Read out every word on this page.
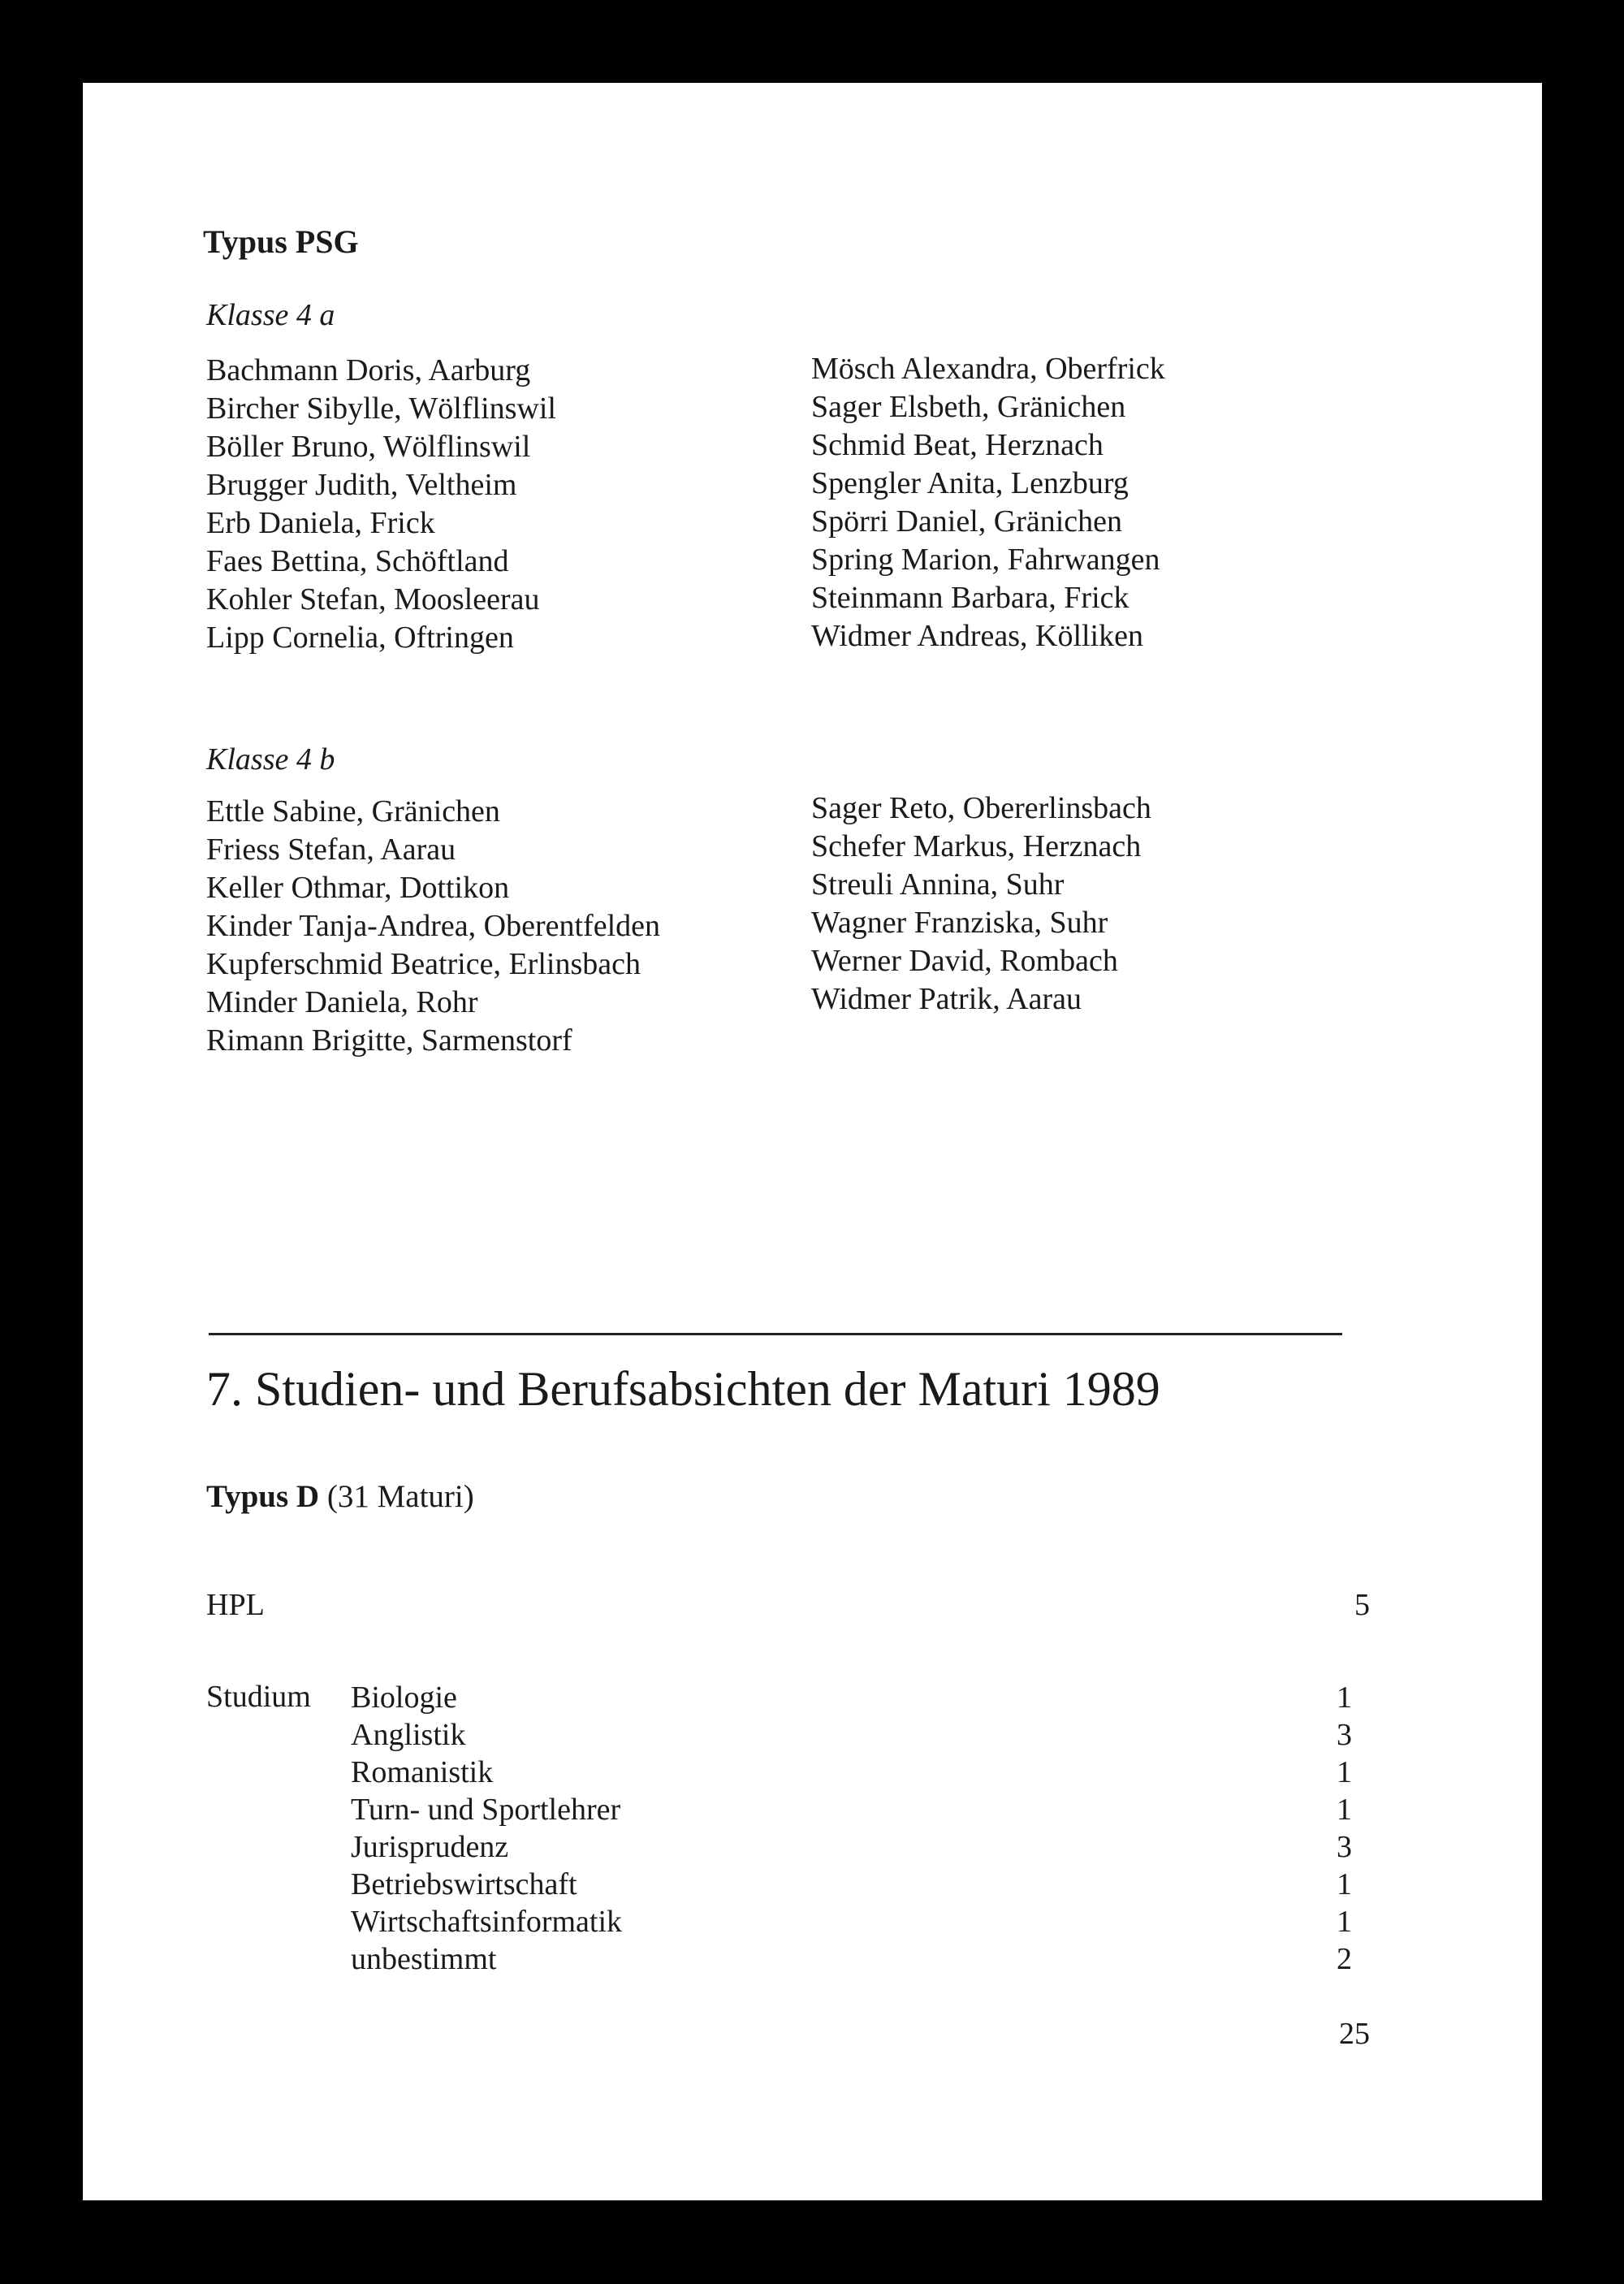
Typus PSG
Klasse 4 a
Bachmann Doris, Aarburg
Bircher Sibylle, Wölflinswil
Böller Bruno, Wölflinswil
Brugger Judith, Veltheim
Erb Daniela, Frick
Faes Bettina, Schöftland
Kohler Stefan, Moosleerau
Lipp Cornelia, Oftringen
Mösch Alexandra, Oberfrick
Sager Elsbeth, Gränichen
Schmid Beat, Herznach
Spengler Anita, Lenzburg
Spörri Daniel, Gränichen
Spring Marion, Fahrwangen
Steinmann Barbara, Frick
Widmer Andreas, Kölliken
Klasse 4 b
Ettle Sabine, Gränichen
Friess Stefan, Aarau
Keller Othmar, Dottikon
Kinder Tanja-Andrea, Oberentfelden
Kupferschmid Beatrice, Erlinsbach
Minder Daniela, Rohr
Rimann Brigitte, Sarmenstorf
Sager Reto, Obererlinsbach
Schefer Markus, Herznach
Streuli Annina, Suhr
Wagner Franziska, Suhr
Werner David, Rombach
Widmer Patrik, Aarau
7. Studien- und Berufsabsichten der Maturi 1989
Typus D (31 Maturi)
HPL	5
Studium Biologie	1
Anglistik	3
Romanistik	1
Turn- und Sportlehrer	1
Jurisprudenz	3
Betriebswirtschaft	1
Wirtschaftsinformatik	1
unbestimmt	2
25
